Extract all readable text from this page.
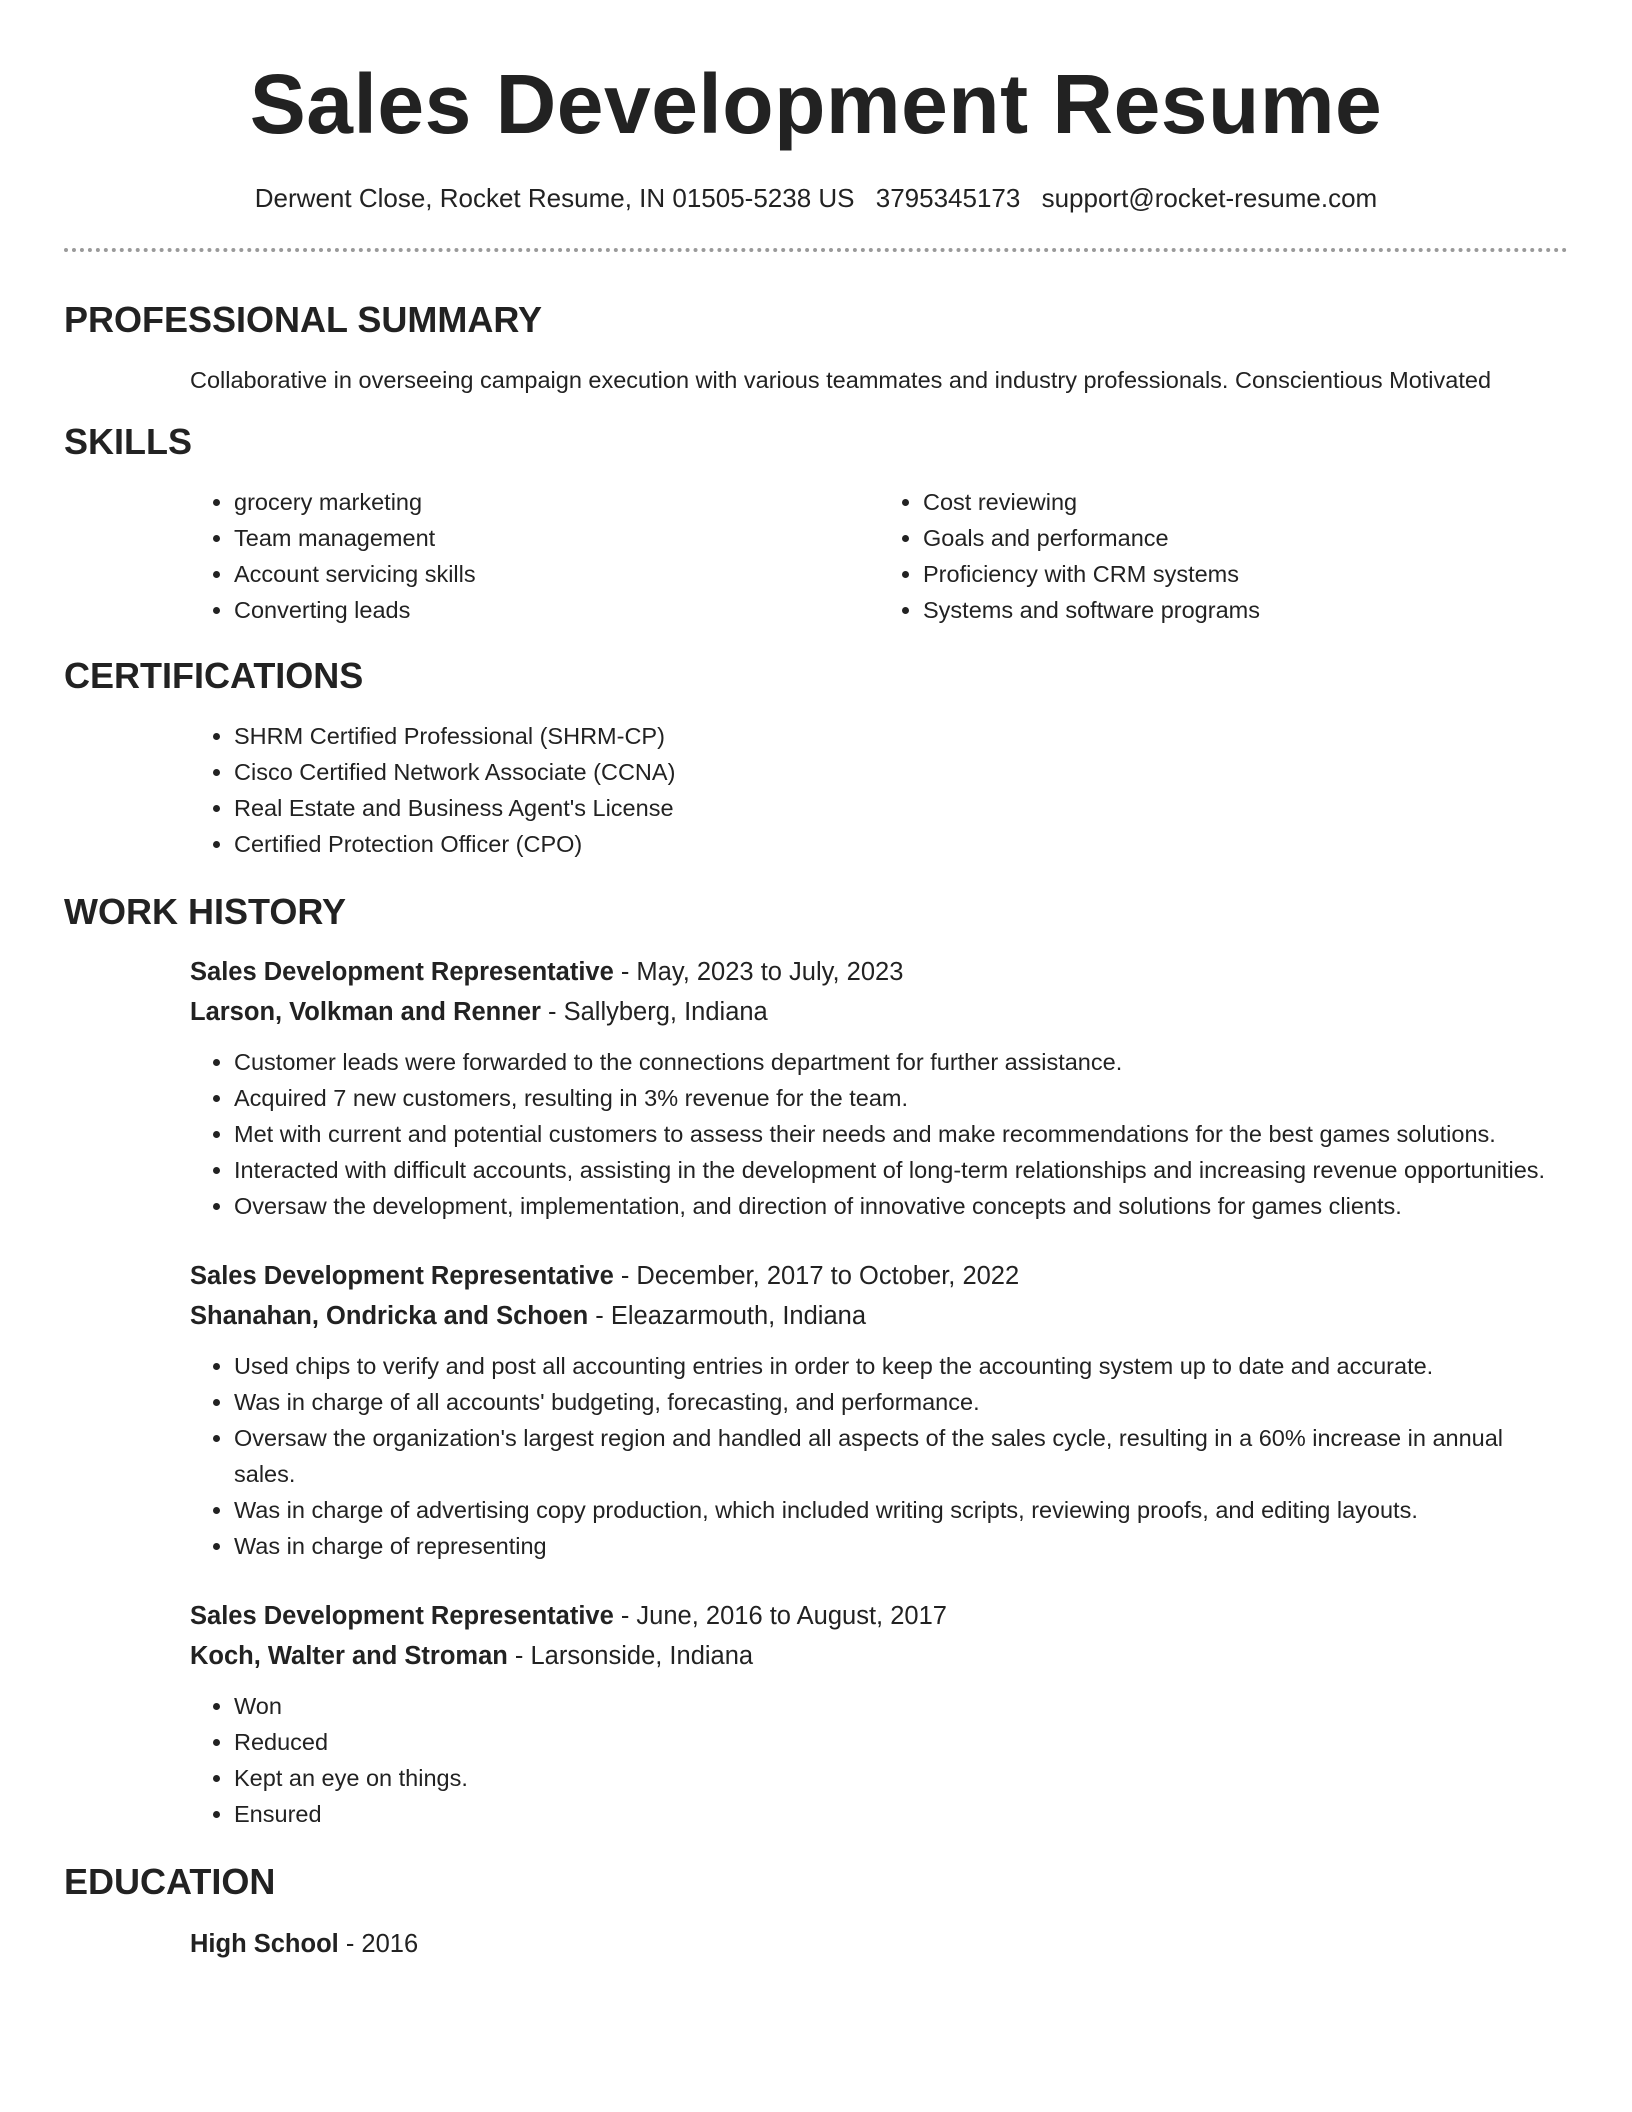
Sales Development Resume
Derwent Close, Rocket Resume, IN 01505-5238 US 3795345173 support@rocket-resume.com
PROFESSIONAL SUMMARY

Collaborative in overseeing campaign execution with various teammates and industry professionals. Conscientious Motivated

SKILLS
• grocery marketing
• Team management
• Account servicing skills
• Converting leads
• Cost reviewing
• Goals and performance
• Proficiency with CRM systems
• Systems and software programs
CERTIFICATIONS
• SHRM Certified Professional (SHRM-CP)
• Cisco Certified Network Associate (CCNA)
• Real Estate and Business Agent's License
• Certified Protection Officer (CPO)
WORK HISTORY

Sales Development Representative - May, 2023 to July, 2023

Larson, Volkman and Renner - Sallyberg, Indiana

• Customer leads were forwarded to the connections department for further assistance.
• Acquired 7 new customers, resulting in 3% revenue for the team.
• Met with current and potential customers to assess their needs and make recommendations for the best games solutions.
• Interacted with difficult accounts, assisting in the development of long-term relationships and increasing revenue opportunities.
• Oversaw the development, implementation, and direction of innovative concepts and solutions for games clients.

Sales Development Representative - December, 2017 to October, 2022

Shanahan, Ondricka and Schoen - Eleazarmouth, Indiana

• Used chips to verify and post all accounting entries in order to keep the accounting system up to date and accurate.
• Was in charge of all accounts' budgeting, forecasting, and performance.
• Oversaw the organization's largest region and handled all aspects of the sales cycle, resulting in a 60% increase in annual sales.
• Was in charge of advertising copy production, which included writing scripts, reviewing proofs, and editing layouts.
• Was in charge of representing

Sales Development Representative - June, 2016 to August, 2017

Koch, Walter and Stroman - Larsonside, Indiana

• Won
• Reduced
• Kept an eye on things.
• Ensured
EDUCATION

High School - 2016
